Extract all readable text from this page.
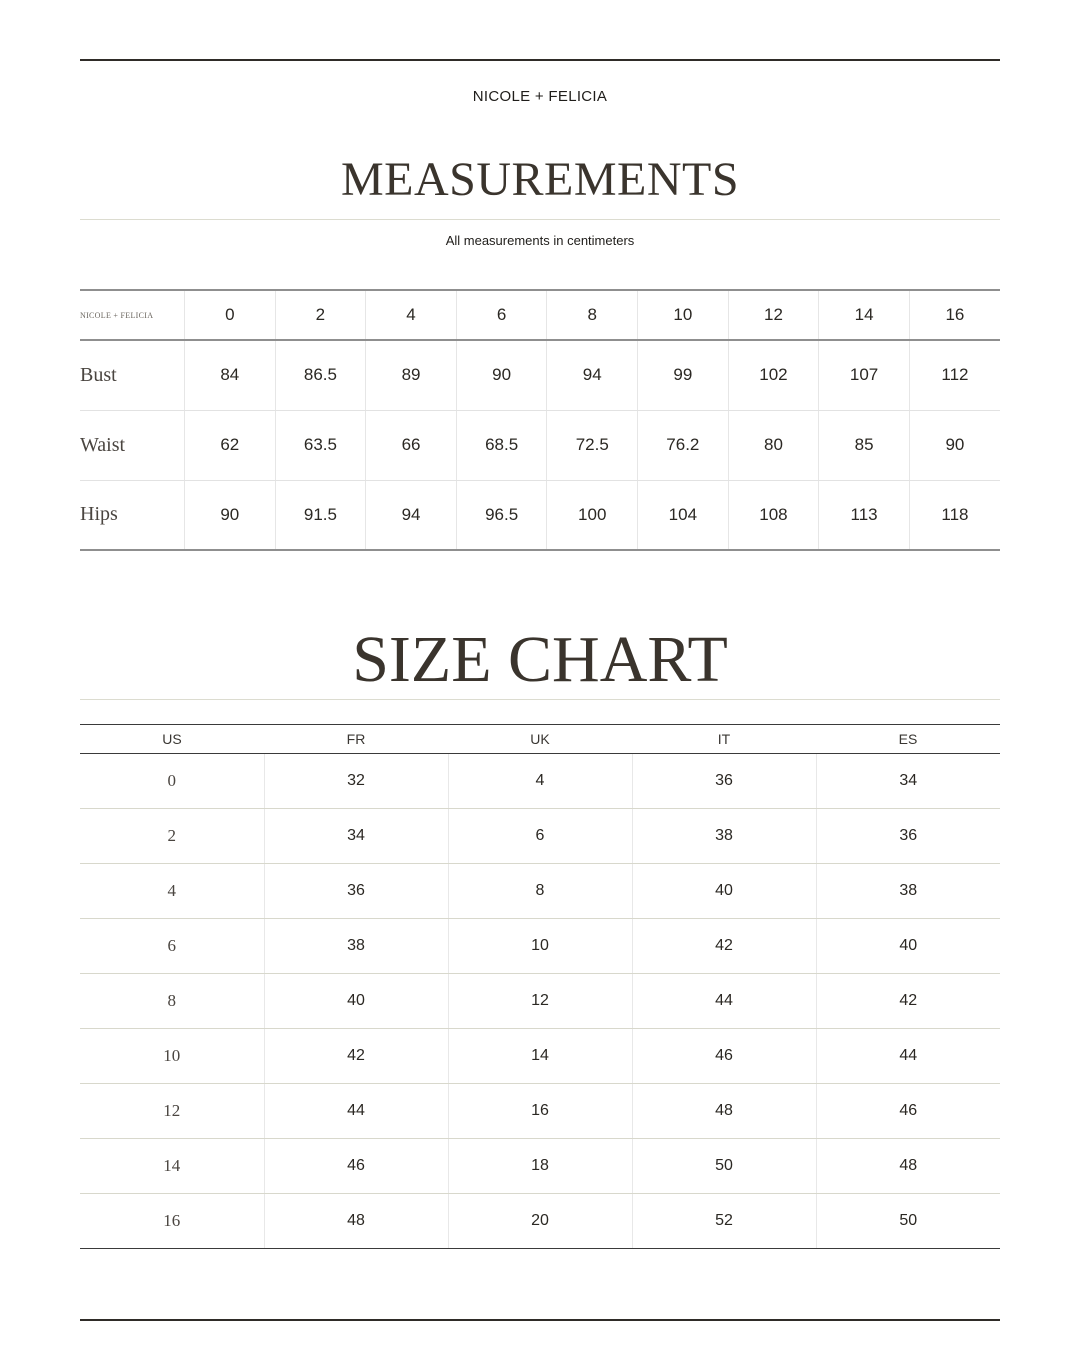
NICOLE + FELICIA
MEASUREMENTS
All measurements in centimeters
NICOLE + FELICIA	0	2	4	6	8	10	12	14	16
Bust	84	86.5	89	90	94	99	102	107	112
Waist	62	63.5	66	68.5	72.5	76.2	80	85	90
Hips	90	91.5	94	96.5	100	104	108	113	118
SIZE CHART
US	FR	UK	IT	ES
0	32	4	36	34
2	34	6	38	36
4	36	8	40	38
6	38	10	42	40
8	40	12	44	42
10	42	14	46	44
12	44	16	48	46
14	46	18	50	48
16	48	20	52	50
